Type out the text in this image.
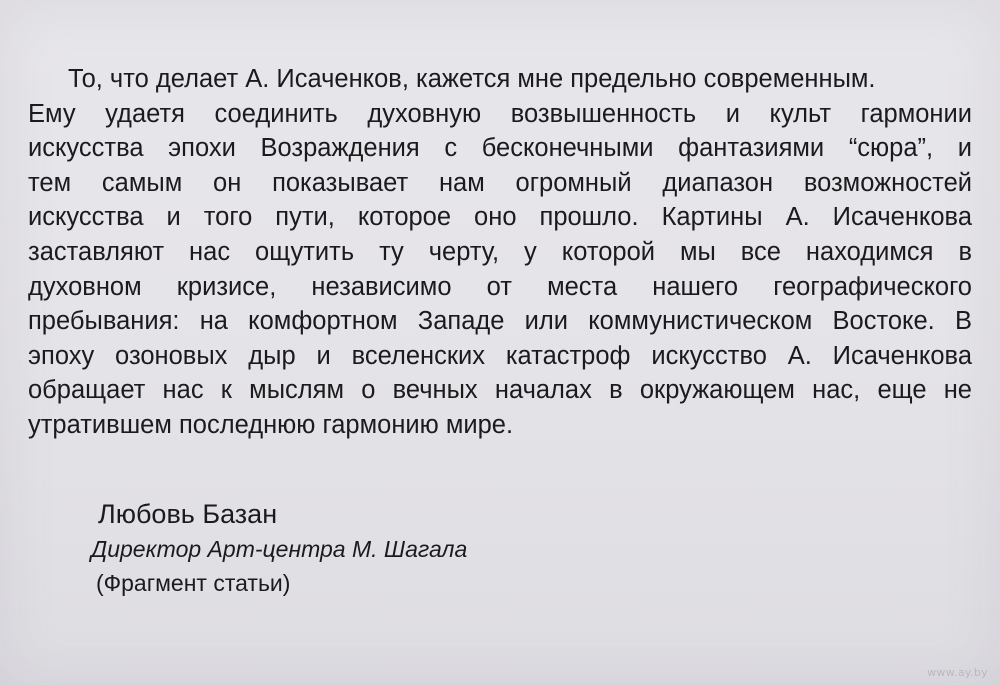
То, что делает А. Исаченков, кажется мне предельно современным.
Ему удаетя соединить духовную возвышенность и культ гармонии
искусства эпохи Возраждения с бесконечными фантазиями “сюра”, и
тем самым он показывает нам огромный диапазон возможностей
искусства и того пути, которое оно прошло. Картины А. Исаченкова
заставляют нас ощутить ту черту, у которой мы все находимся в
духовном кризисе, независимо от места нашего географического
пребывания: на комфортном Западе или коммунистическом Востоке. В
эпоху озоновых дыр и вселенских катастроф искусство А. Исаченкова
обращает нас к мыслям о вечных началах в окружающем нас, еще не
утратившем последнюю гармонию мире.
Любовь Базан
Директор Арт-центра М. Шагала
(Фрагмент статьи)
www.ay.by
